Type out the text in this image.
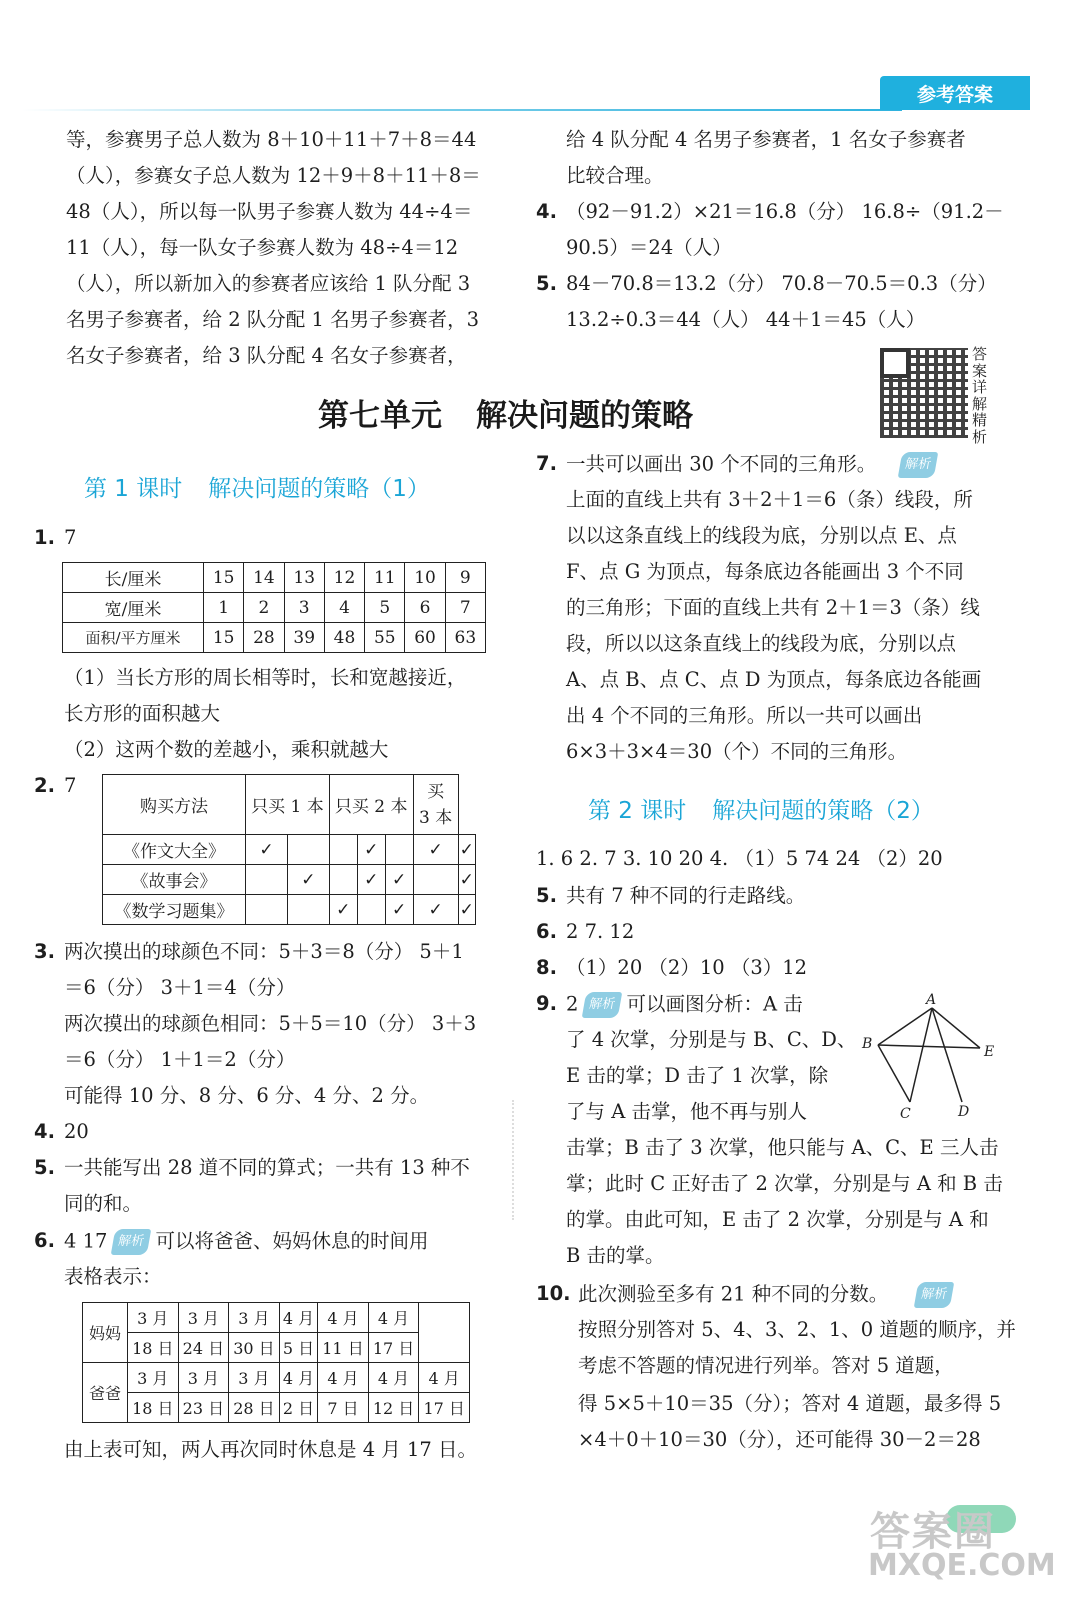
参考答案
等，参赛男子总人数为 8＋10＋11＋7＋8＝44
（人），参赛女子总人数为 12＋9＋8＋11＋8＝
48（人），所以每一队男子参赛人数为 44÷4＝
11（人），每一队女子参赛人数为 48÷4＝12
（人），所以新加入的参赛者应该给 1 队分配 3
名男子参赛者，给 2 队分配 1 名男子参赛者，3
名女子参赛者，给 3 队分配 4 名女子参赛者，
给 4 队分配 4 名男子参赛者，1 名女子参赛者
比较合理。
4. （92－91.2）×21＝16.8（分） 16.8÷（91.2－
90.5）＝24（人）
5. 84－70.8＝13.2（分） 70.8－70.5＝0.3（分）
13.2÷0.3＝44（人） 44＋1＝45（人）
答案详解精析
第七单元 解决问题的策略
第 1 课时 解决问题的策略（1）
1. 7
长/厘米	15	14	13	12	11	10	9
宽/厘米	1	2	3	4	5	6	7
面积/平方厘米	15	28	39	48	55	60	63
（1）当长方形的周长相等时，长和宽越接近，
长方形的面积越大
（2）这两个数的差越小，乘积就越大
2. 7
购买方法	只买 1 本		只买 2 本			买
3 本	
《作文大全》	✓			✓		✓	✓
《故事会》		✓		✓	✓		✓
《数学习题集》			✓		✓	✓	✓
3. 两次摸出的球颜色不同：5＋3＝8（分） 5＋1
＝6（分） 3＋1＝4（分）
两次摸出的球颜色相同：5＋5＝10（分） 3＋3
＝6（分） 1＋1＝2（分）
可能得 10 分、8 分、6 分、4 分、2 分。
4. 20
5. 一共能写出 28 道不同的算式；一共有 13 种不
同的和。
6. 4 17 解析 可以将爸爸、妈妈休息的时间用
表格表示：
妈妈	3 月	3 月	3 月	4 月	4 月	4 月	
	18 日	24 日	30 日	5 日	11 日	17 日	
爸爸	3 月	3 月	3 月	4 月	4 月	4 月	4 月
	18 日	23 日	28 日	2 日	7 日	12 日	17 日
由上表可知，两人再次同时休息是 4 月 17 日。
7. 一共可以画出 30 个不同的三角形。 解析
上面的直线上共有 3＋2＋1＝6（条）线段，所
以以这条直线上的线段为底，分别以点 E、点
F、点 G 为顶点，每条底边各能画出 3 个不同
的三角形；下面的直线上共有 2＋1＝3（条）线
段，所以以这条直线上的线段为底，分别以点
A、点 B、点 C、点 D 为顶点，每条底边各能画
出 4 个不同的三角形。所以一共可以画出
6×3＋3×4＝30（个）不同的三角形。
第 2 课时 解决问题的策略（2）
1. 6 2. 7 3. 10 20 4. （1）5 74 24 （2）20
5. 共有 7 种不同的行走路线。
6. 2 7. 12
8. （1）20 （2）10 （3）12
9. 2 解析 可以画图分析：A 击
了 4 次掌，分别是与 B、C、D、
E 击的掌；D 击了 1 次掌，除
了与 A 击掌，他不再与别人
击掌；B 击了 3 次掌，他只能与 A、C、E 三人击
掌；此时 C 正好击了 2 次掌，分别是与 A 和 B 击
的掌。由此可知，E 击了 2 次掌，分别是与 A 和
B 击的掌。
A
B	E
C	D
10. 此次测验至多有 21 种不同的分数。 解析
按照分别答对 5、4、3、2、1、0 道题的顺序，并
考虑不答题的情况进行列举。答对 5 道题，
得 5×5＋10＝35（分）；答对 4 道题，最多得 5
×4＋0＋10＝30（分），还可能得 30－2＝28
答案圈
MXQE.COM
